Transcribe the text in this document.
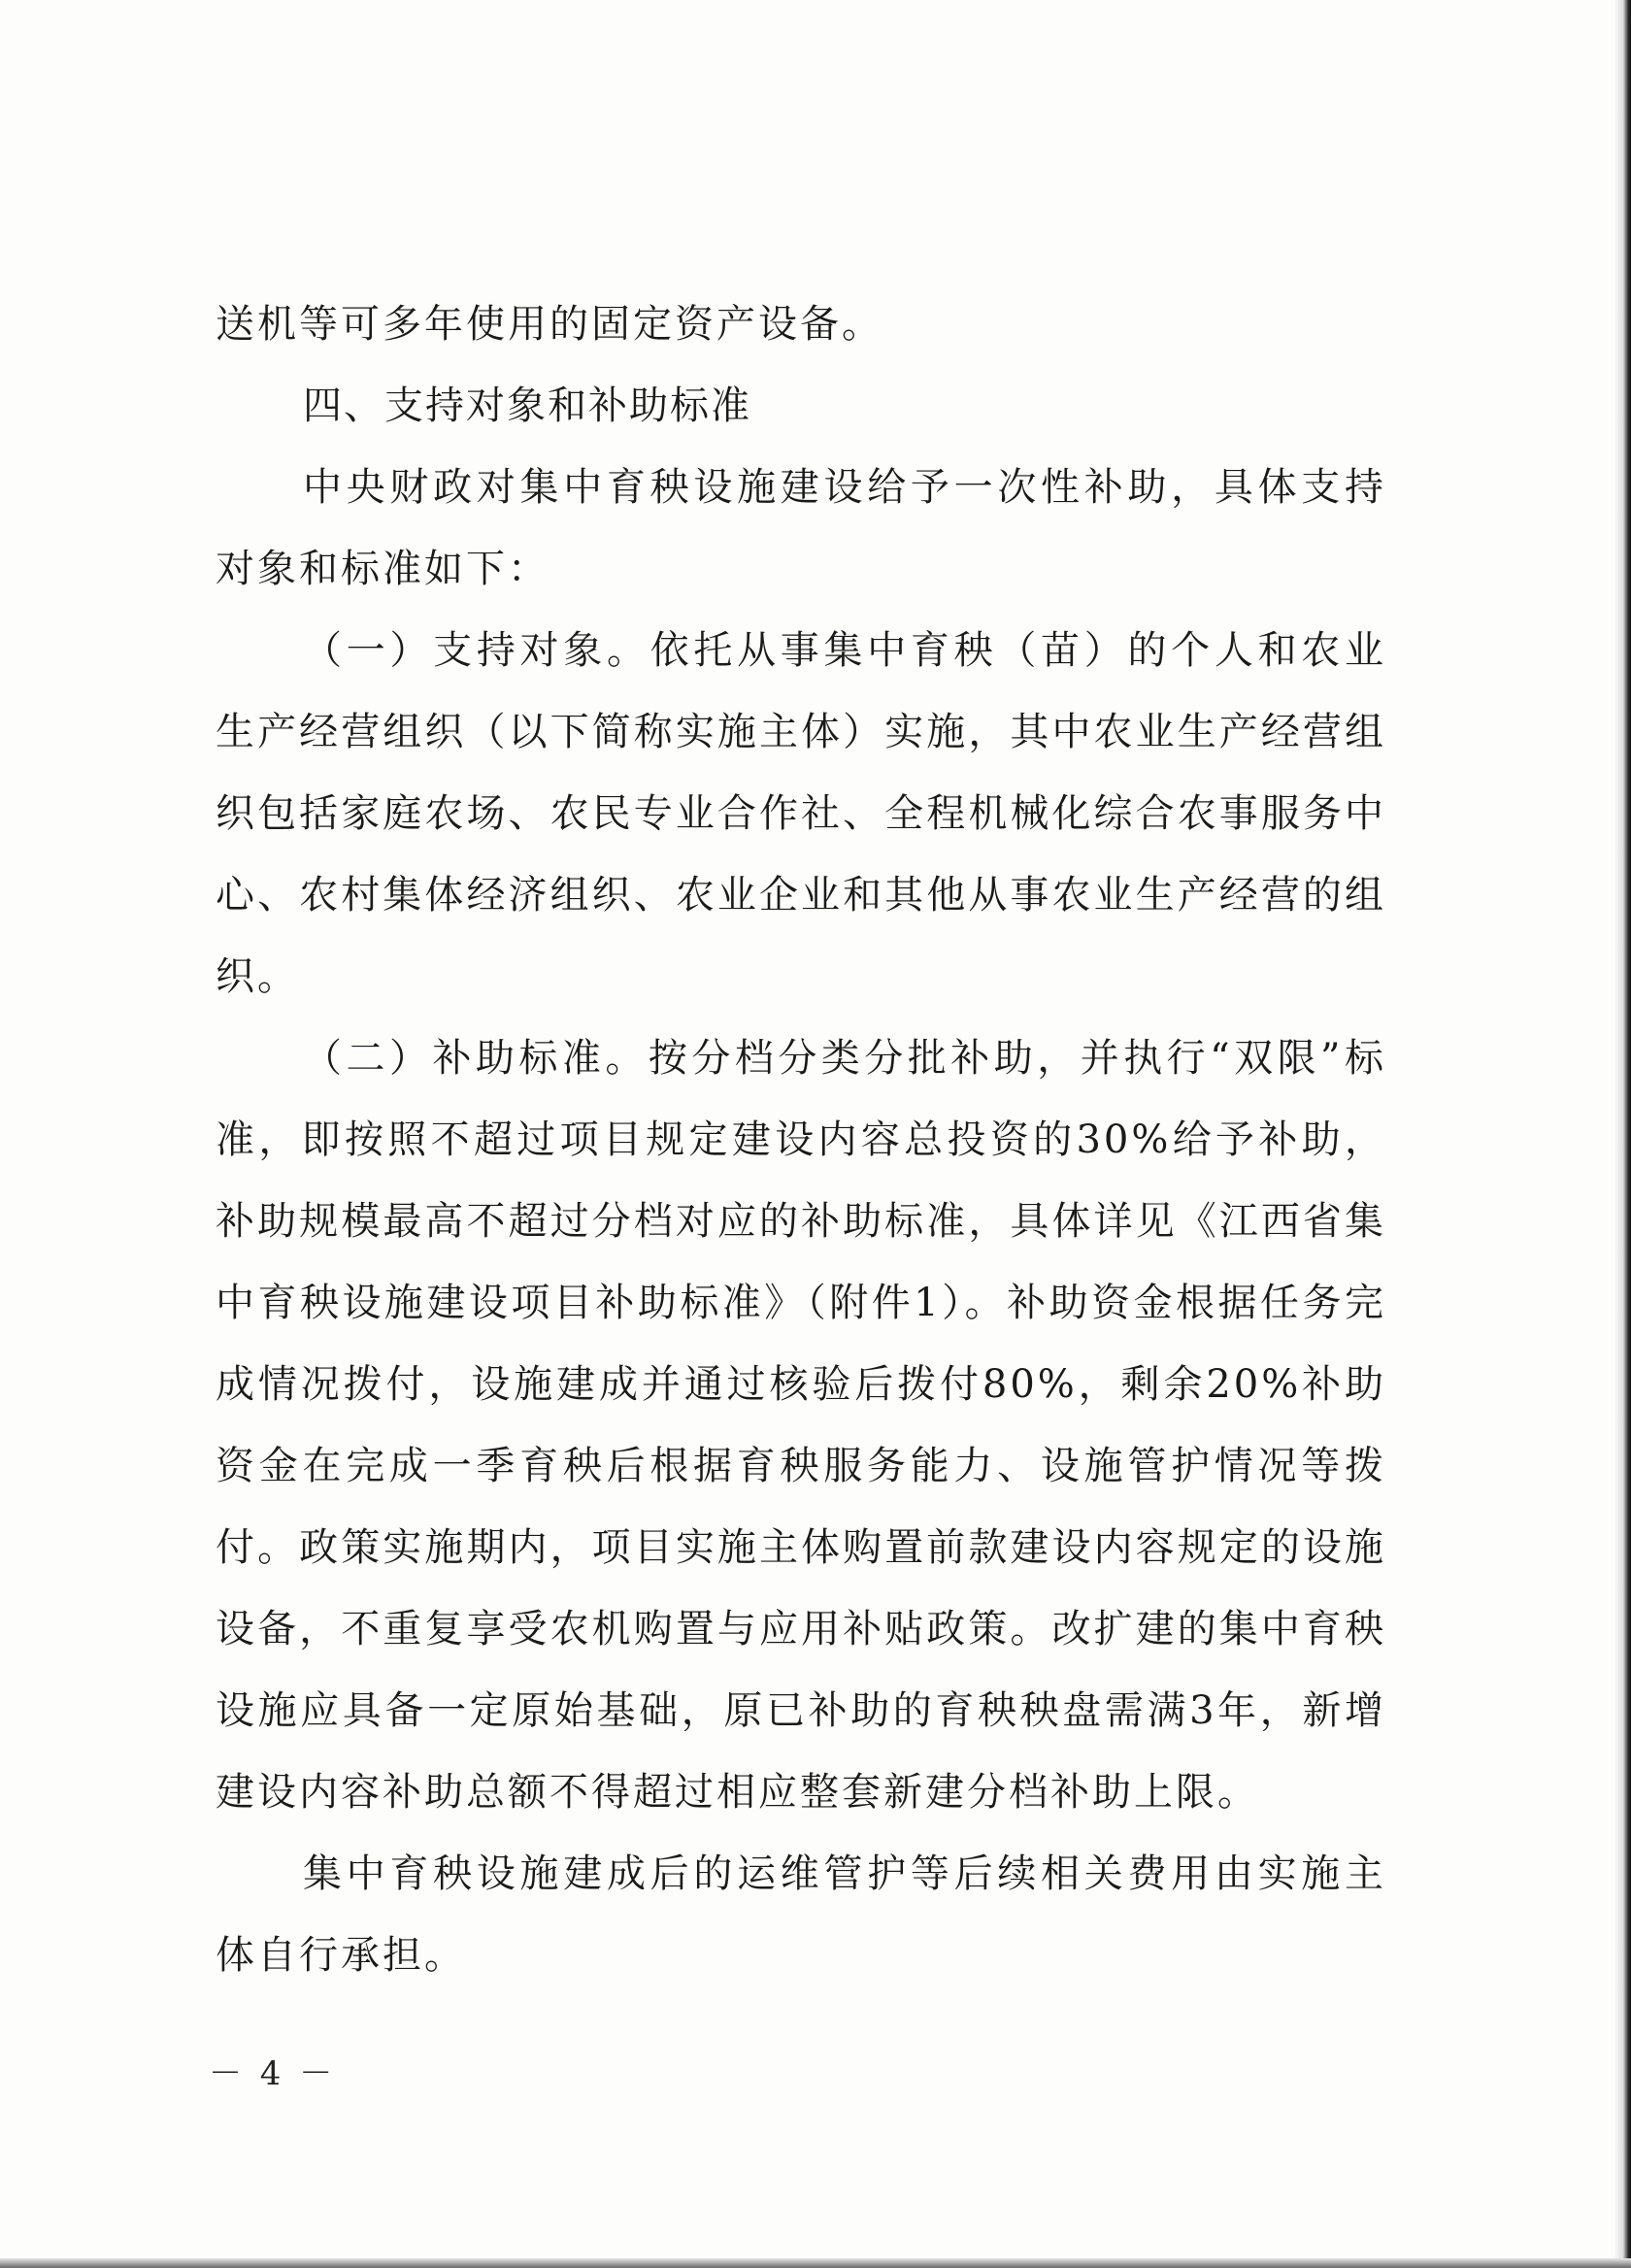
送机等可多年使用的固定资产设备。

四、支持对象和补助标准

中央财政对集中育秧设施建设给予一次性补助，具体支持对象和标准如下：

（一）支持对象。依托从事集中育秧（苗）的个人和农业生产经营组织（以下简称实施主体）实施，其中农业生产经营组织包括家庭农场、农民专业合作社、全程机械化综合农事服务中心、农村集体经济组织、农业企业和其他从事农业生产经营的组织。

（二）补助标准。按分档分类分批补助，并执行“双限”标准，即按照不超过项目规定建设内容总投资的30%给予补助，补助规模最高不超过分档对应的补助标准，具体详见《江西省集中育秧设施建设项目补助标准》（附件1）。补助资金根据任务完成情况拨付，设施建成并通过核验后拨付80%，剩余20%补助资金在完成一季育秧后根据育秧服务能力、设施管护情况等拨付。政策实施期内，项目实施主体购置前款建设内容规定的设施设备，不重复享受农机购置与应用补贴政策。改扩建的集中育秧设施应具备一定原始基础，原已补助的育秧秧盘需满3年，新增建设内容补助总额不得超过相应整套新建分档补助上限。

集中育秧设施建成后的运维管护等后续相关费用由实施主体自行承担。

－ 4 －
